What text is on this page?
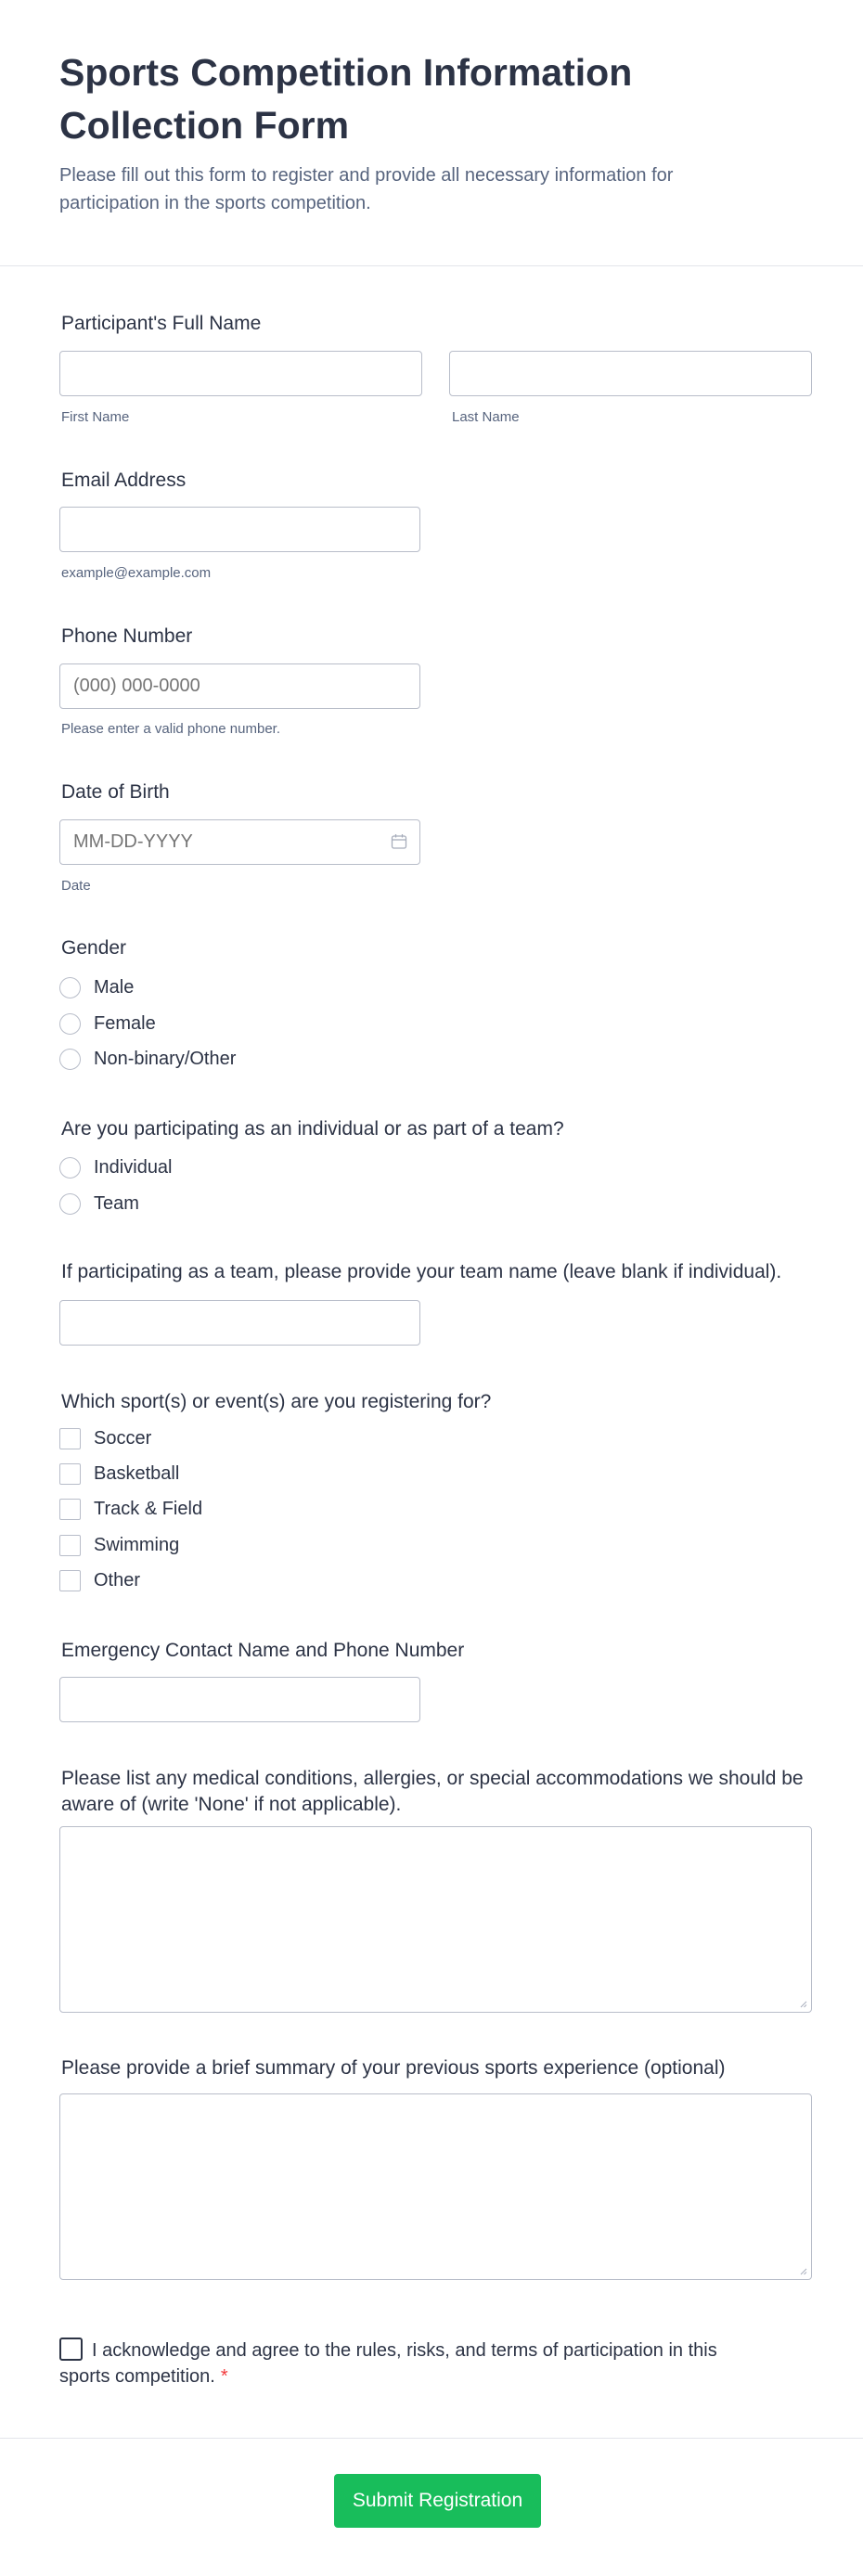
Sports Competition Information Collection Form
Please fill out this form to register and provide all necessary information for participation in the sports competition.
Participant's Full Name
First Name	Last Name
Email Address
example@example.com
Phone Number
(000) 000-0000
Please enter a valid phone number.
Date of Birth
MM-DD-YYYY
Date
Gender
Male
Female
Non-binary/Other
Are you participating as an individual or as part of a team?
Individual
Team
If participating as a team, please provide your team name (leave blank if individual).
Which sport(s) or event(s) are you registering for?
Soccer
Basketball
Track & Field
Swimming
Other
Emergency Contact Name and Phone Number
Please list any medical conditions, allergies, or special accommodations we should be aware of (write 'None' if not applicable).
Please provide a brief summary of your previous sports experience (optional)
I acknowledge and agree to the rules, risks, and terms of participation in this sports competition. *
Submit Registration
